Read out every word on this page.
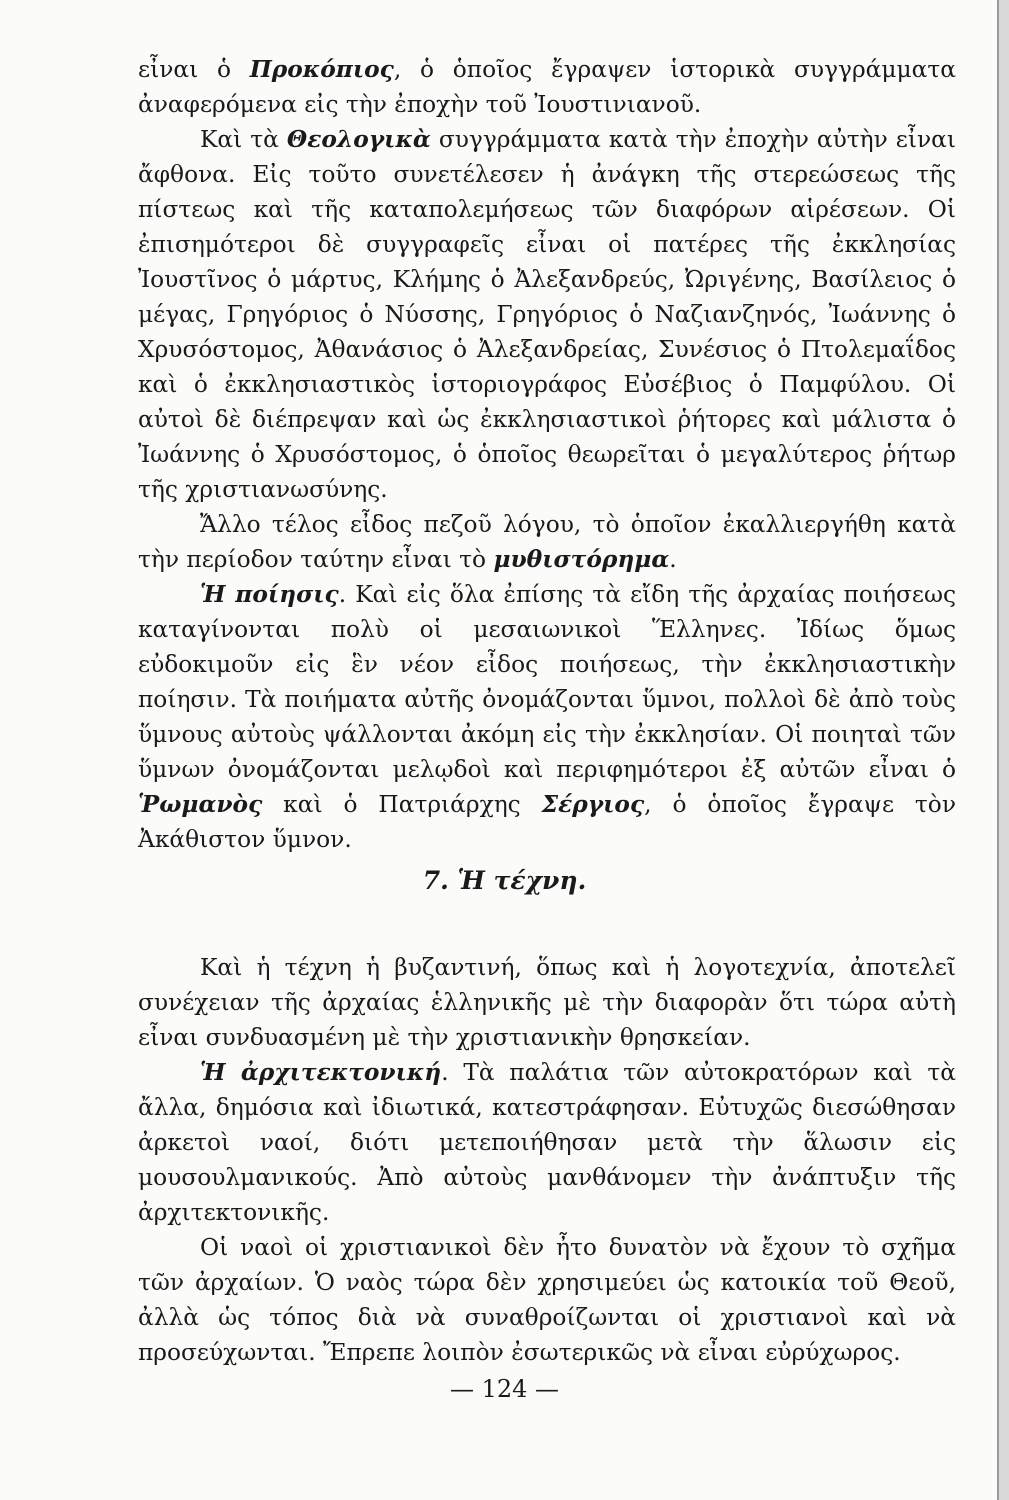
εἶναι ὁ Προκόπιος, ὁ ὁποῖος ἔγραψεν ἱστορικὰ συγγράμματα ἀναφερόμενα εἰς τὴν ἐποχὴν τοῦ Ἰουστινιανοῦ.

Καὶ τὰ Θεολογικὰ συγγράμματα κατὰ τὴν ἐποχὴν αὐτὴν εἶναι ἄφθονα. Εἰς τοῦτο συνετέλεσεν ἡ ἀνάγκη τῆς στερεώσεως τῆς πίστεως καὶ τῆς καταπολεμήσεως τῶν διαφόρων αἱρέσεων. Οἱ ἐπισημότεροι δὲ συγγραφεῖς εἶναι οἱ πατέρες τῆς ἐκκλησίας Ἰουστῖνος ὁ μάρτυς, Κλήμης ὁ Ἀλεξανδρεύς, Ὠριγένης, Βασίλειος ὁ μέγας, Γρηγόριος ὁ Νύσσης, Γρηγόριος ὁ Ναζιανζηνός, Ἰωάννης ὁ Χρυσόστομος, Ἀθανάσιος ὁ Ἀλεξανδρείας, Συνέσιος ὁ Πτολεμαΐδος καὶ ὁ ἐκκλησιαστικὸς ἱστοριογράφος Εὐσέβιος ὁ Παμφύλου. Οἱ αὐτοὶ δὲ διέπρεψαν καὶ ὡς ἐκκλησιαστικοὶ ῥήτορες καὶ μάλιστα ὁ Ἰωάννης ὁ Χρυσόστομος, ὁ ὁποῖος θεωρεῖται ὁ μεγαλύτερος ῥήτωρ τῆς χριστιανωσύνης.

Ἄλλο τέλος εἶδος πεζοῦ λόγου, τὸ ὁποῖον ἐκαλλιεργήθη κατὰ τὴν περίοδον ταύτην εἶναι τὸ μυθιστόρημα.

Ἡ ποίησις. Καὶ εἰς ὅλα ἐπίσης τὰ εἴδη τῆς ἀρχαίας ποιήσεως καταγίνονται πολὺ οἱ μεσαιωνικοὶ Ἕλληνες. Ἰδίως ὅμως εὐδοκιμοῦν εἰς ἓν νέον εἶδος ποιήσεως, τὴν ἐκκλησιαστικὴν ποίησιν. Τὰ ποιήματα αὐτῆς ὀνομάζονται ὕμνοι, πολλοὶ δὲ ἀπὸ τοὺς ὕμνους αὐτοὺς ψάλλονται ἀκόμη εἰς τὴν ἐκκλησίαν. Οἱ ποιηταὶ τῶν ὕμνων ὀνομάζονται μελῳδοὶ καὶ περιφημότεροι ἐξ αὐτῶν εἶναι ὁ Ῥωμανὸς καὶ ὁ Πατριάρχης Σέργιος, ὁ ὁποῖος ἔγραψε τὸν Ἀκάθιστον ὕμνον.

7. Ἡ τέχνη.

Καὶ ἡ τέχνη ἡ βυζαντινή, ὅπως καὶ ἡ λογοτεχνία, ἀποτελεῖ συνέχειαν τῆς ἀρχαίας ἑλληνικῆς μὲ τὴν διαφορὰν ὅτι τώρα αὐτὴ εἶναι συνδυασμένη μὲ τὴν χριστιανικὴν θρησκείαν.

Ἡ ἀρχιτεκτονική. Τὰ παλάτια τῶν αὐτοκρατόρων καὶ τὰ ἄλλα, δημόσια καὶ ἰδιωτικά, κατεστράφησαν. Εὐτυχῶς διεσώθησαν ἀρκετοὶ ναοί, διότι μετεποιήθησαν μετὰ τὴν ἅλωσιν εἰς μουσουλμανικούς. Ἀπὸ αὐτοὺς μανθάνομεν τὴν ἀνάπτυξιν τῆς ἀρχιτεκτονικῆς.

Οἱ ναοὶ οἱ χριστιανικοὶ δὲν ἦτο δυνατὸν νὰ ἔχουν τὸ σχῆμα τῶν ἀρχαίων. Ὁ ναὸς τώρα δὲν χρησιμεύει ὡς κατοικία τοῦ Θεοῦ, ἀλλὰ ὡς τόπος διὰ νὰ συναθροίζωνται οἱ χριστιανοὶ καὶ νὰ προσεύχωνται. Ἔπρεπε λοιπὸν ἐσωτερικῶς νὰ εἶναι εὐρύχωρος.

— 124 —
